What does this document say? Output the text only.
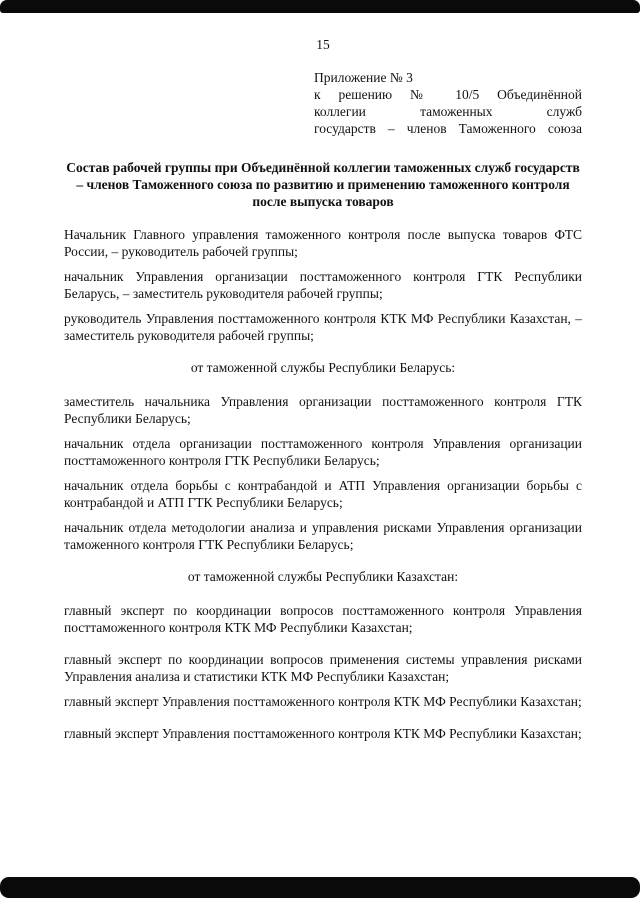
15
Приложение № 3
к решению № 10/5 Объединённой
коллегии таможенных служб
государств – членов Таможенного союза
Состав рабочей группы при Объединённой коллегии таможенных служб государств – членов Таможенного союза по развитию и применению таможенного контроля после выпуска товаров
Начальник Главного управления таможенного контроля после выпуска товаров ФТС России, – руководитель рабочей группы;
начальник Управления организации посттаможенного контроля ГТК Республики Беларусь, – заместитель руководителя рабочей группы;
руководитель Управления посттаможенного контроля КТК МФ Республики Казахстан, – заместитель руководителя рабочей группы;
от таможенной службы Республики Беларусь:
заместитель начальника Управления организации посттаможенного контроля ГТК Республики Беларусь;
начальник отдела организации посттаможенного контроля Управления организации посттаможенного контроля ГТК Республики Беларусь;
начальник отдела борьбы с контрабандой и АТП Управления организации борьбы с контрабандой и АТП ГТК Республики Беларусь;
начальник отдела методологии анализа и управления рисками Управления организации таможенного контроля ГТК Республики Беларусь;
от таможенной службы Республики Казахстан:
главный эксперт по координации вопросов посттаможенного контроля Управления посттаможенного контроля КТК МФ Республики Казахстан;
главный эксперт по координации вопросов применения системы управления рисками Управления анализа и статистики КТК МФ Республики Казахстан;
главный эксперт Управления посттаможенного контроля КТК МФ Республики Казахстан;
главный эксперт Управления посттаможенного контроля КТК МФ Республики Казахстан;
